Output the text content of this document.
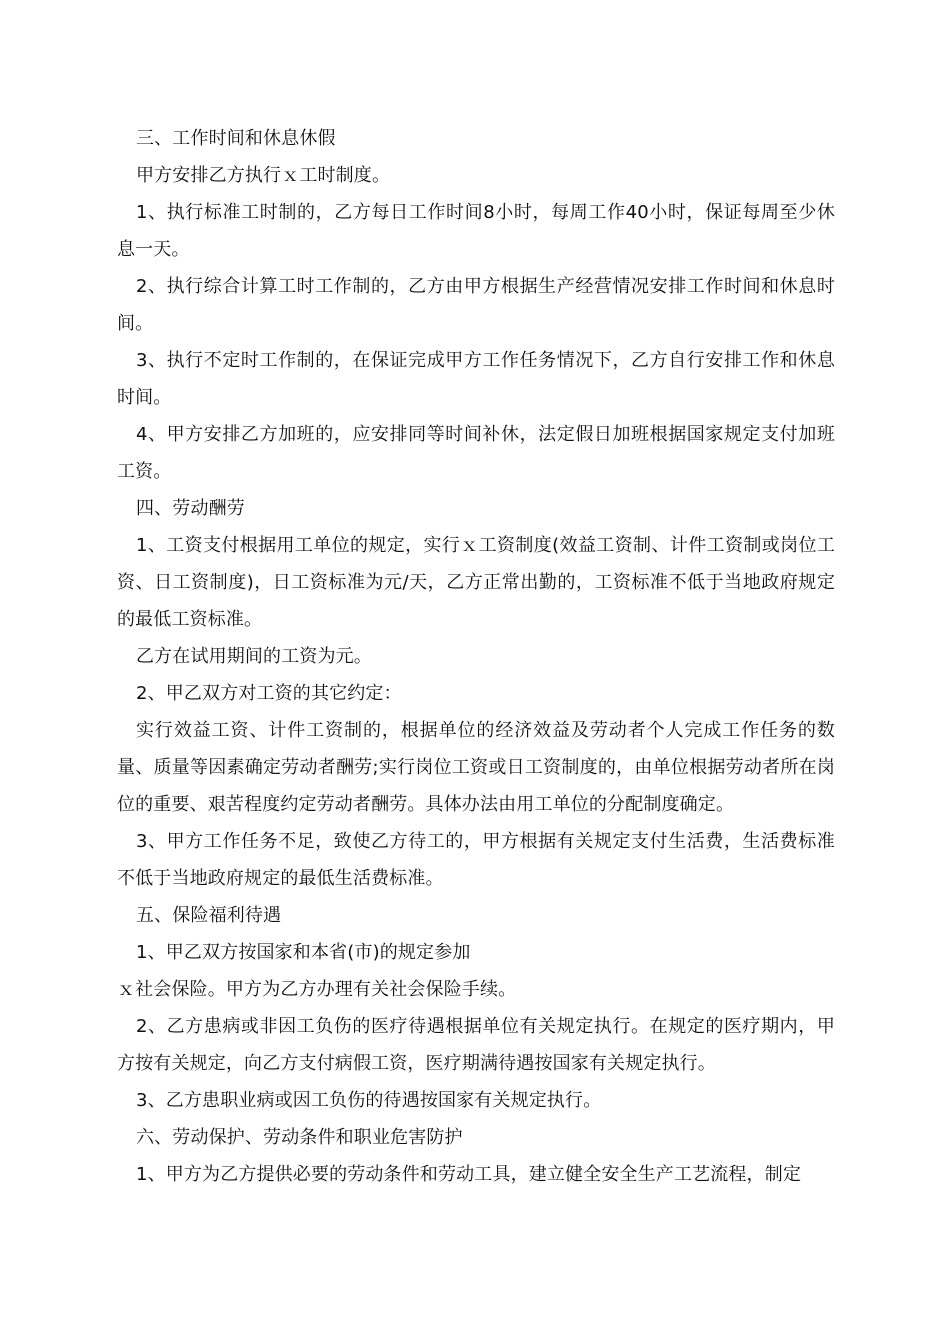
三、工作时间和休息休假

甲方安排乙方执行ｘ工时制度。

1、执行标准工时制的，乙方每日工作时间8小时，每周工作40小时，保证每周至少休息一天。

2、执行综合计算工时工作制的，乙方由甲方根据生产经营情况安排工作时间和休息时间。

3、执行不定时工作制的，在保证完成甲方工作任务情况下，乙方自行安排工作和休息时间。

4、甲方安排乙方加班的，应安排同等时间补休，法定假日加班根据国家规定支付加班工资。

四、劳动酬劳

1、工资支付根据用工单位的规定，实行ｘ工资制度(效益工资制、计件工资制或岗位工资、日工资制度)，日工资标准为元/天，乙方正常出勤的，工资标准不低于当地政府规定的最低工资标准。

乙方在试用期间的工资为元。

2、甲乙双方对工资的其它约定：

实行效益工资、计件工资制的，根据单位的经济效益及劳动者个人完成工作任务的数量、质量等因素确定劳动者酬劳;实行岗位工资或日工资制度的，由单位根据劳动者所在岗位的重要、艰苦程度约定劳动者酬劳。具体办法由用工单位的分配制度确定。

3、甲方工作任务不足，致使乙方待工的，甲方根据有关规定支付生活费，生活费标准不低于当地政府规定的最低生活费标准。

五、保险福利待遇

1、甲乙双方按国家和本省(市)的规定参加

ｘ社会保险。甲方为乙方办理有关社会保险手续。

2、乙方患病或非因工负伤的医疗待遇根据单位有关规定执行。在规定的医疗期内，甲方按有关规定，向乙方支付病假工资，医疗期满待遇按国家有关规定执行。

3、乙方患职业病或因工负伤的待遇按国家有关规定执行。

六、劳动保护、劳动条件和职业危害防护

1、甲方为乙方提供必要的劳动条件和劳动工具，建立健全安全生产工艺流程，制定
